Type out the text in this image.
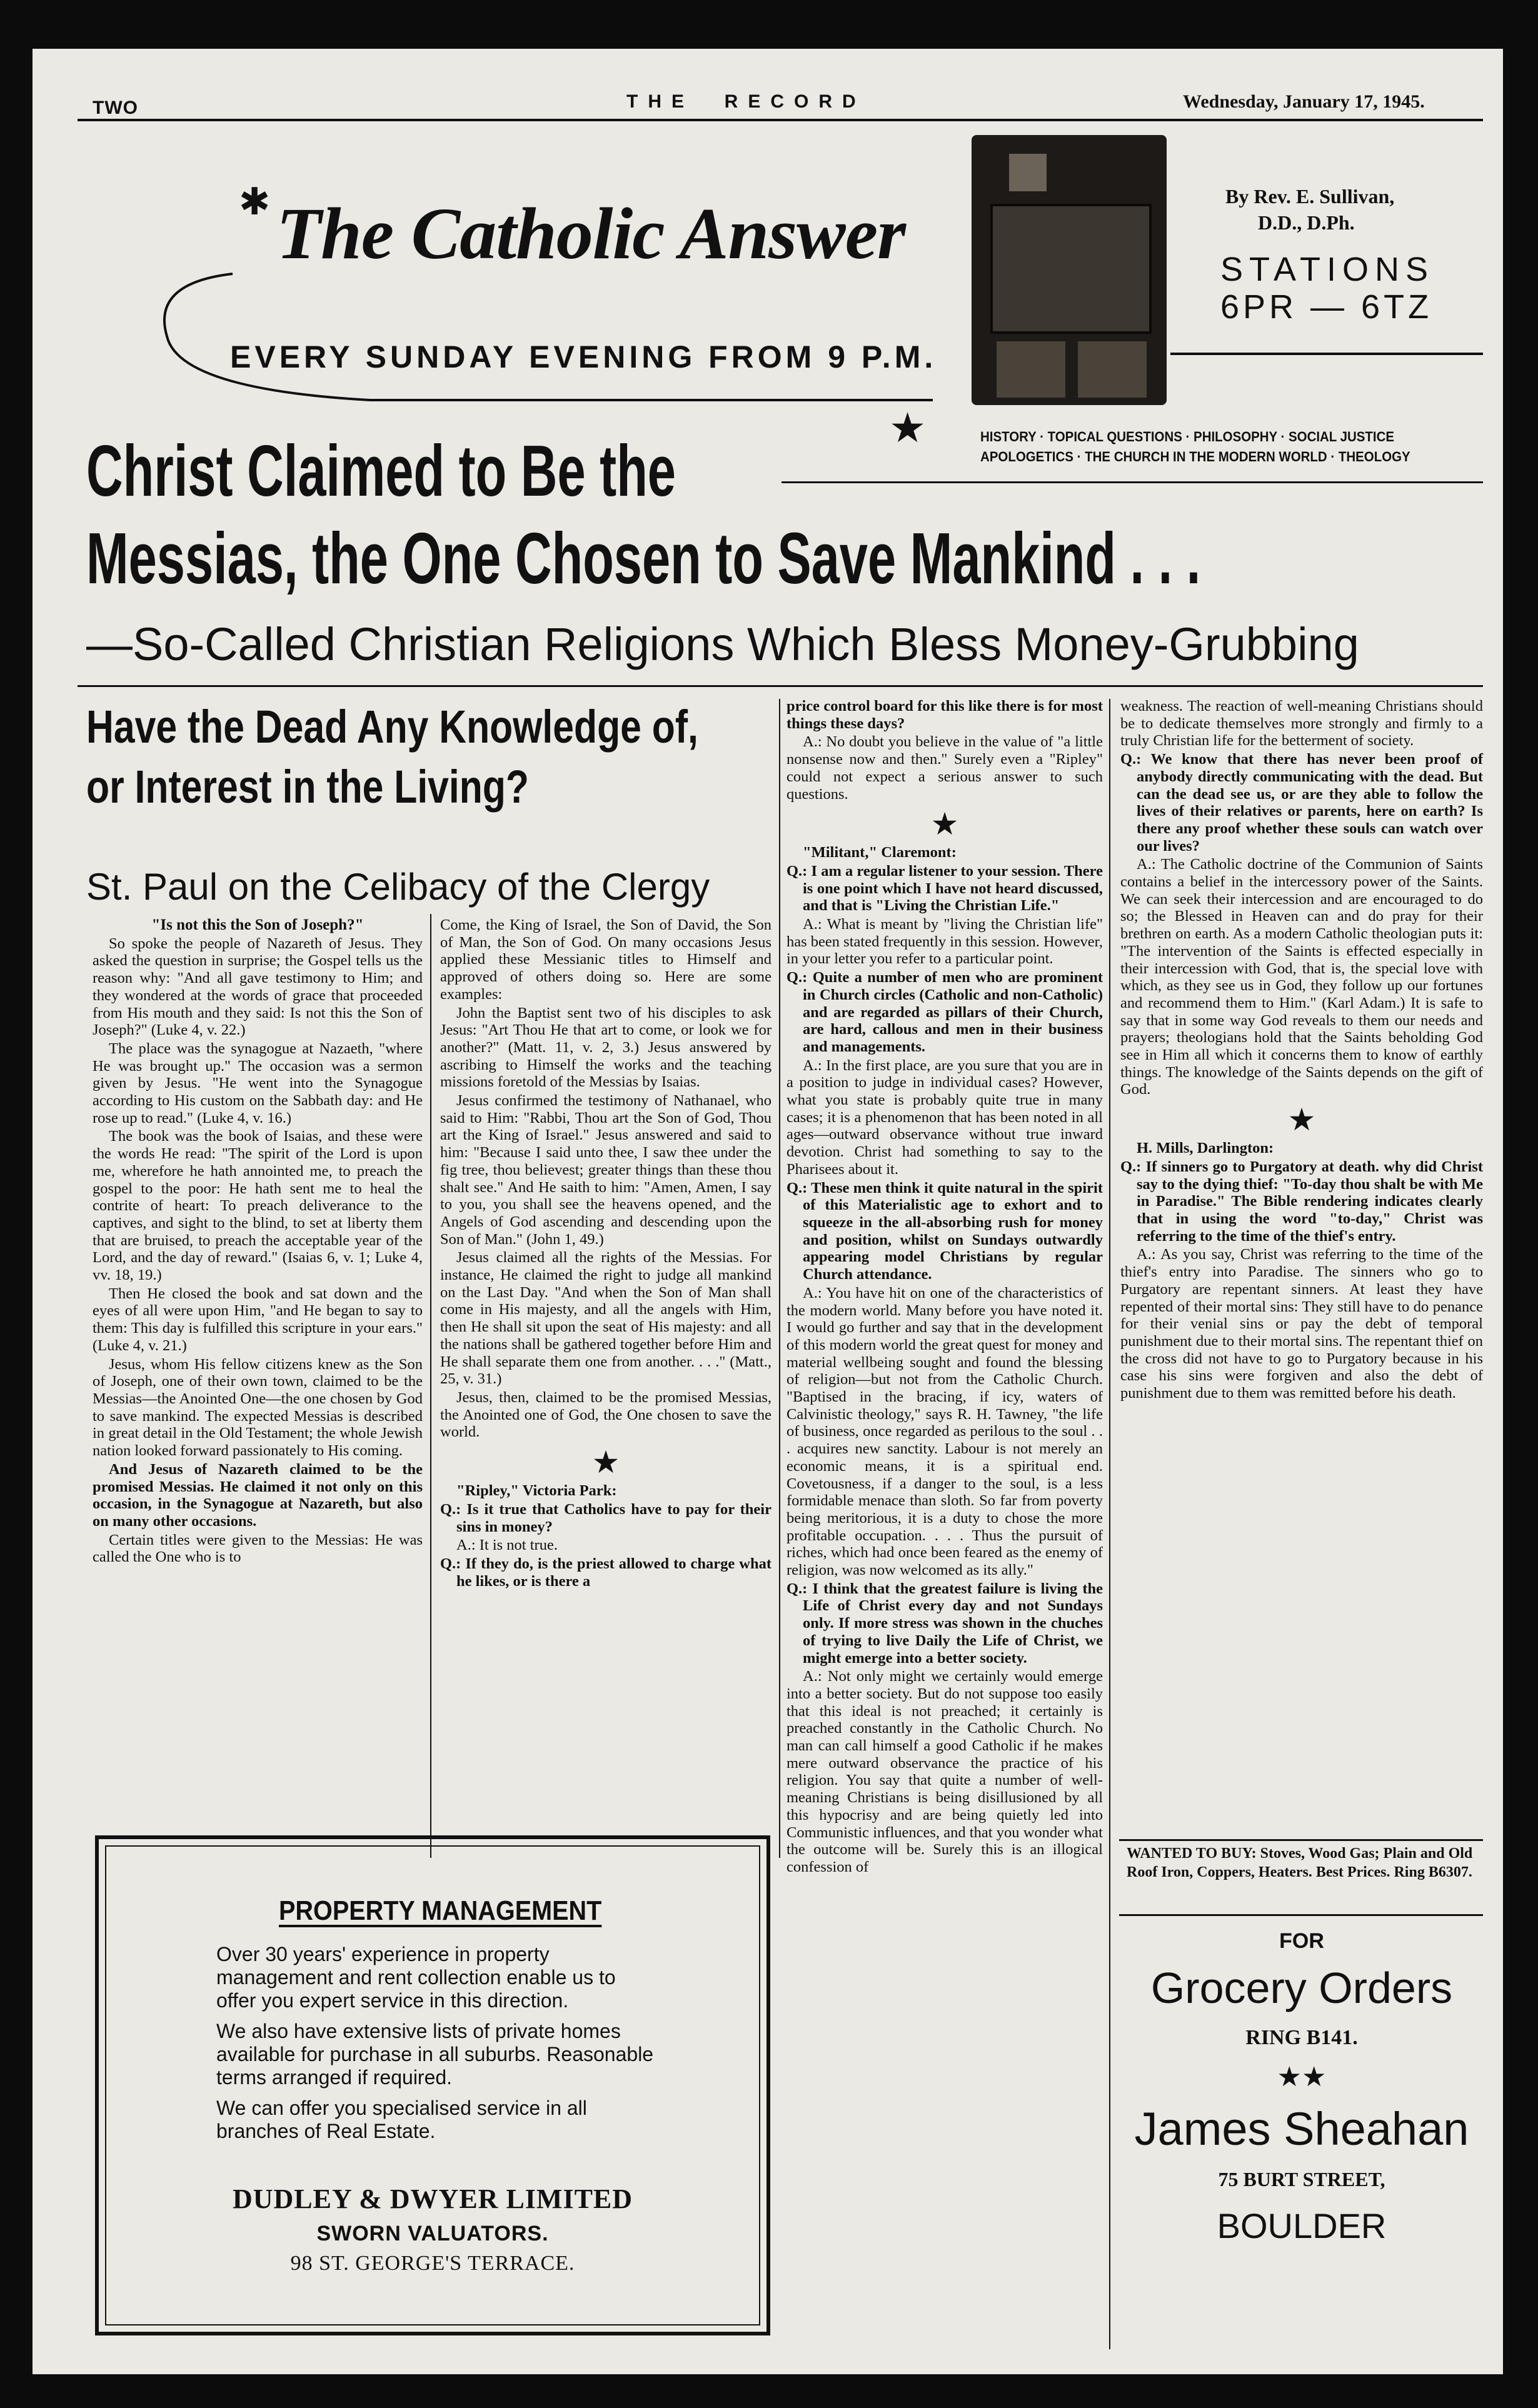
TWO	THE  RECORD	Wednesday, January 17, 1945.
✱ The Catholic Answer
EVERY SUNDAY EVENING FROM 9 P.M.
By Rev. E. Sullivan,
D.D., D.Ph.
STATIONS
6PR — 6TZ
★	HISTORY · TOPICAL QUESTIONS · PHILOSOPHY · SOCIAL JUSTICE
APOLOGETICS · THE CHURCH IN THE MODERN WORLD · THEOLOGY
Christ Claimed to Be the
Messias, the One Chosen to Save Mankind . . .
—So-Called Christian Religions Which Bless Money-Grubbing
Have the Dead Any Knowledge of,
or Interest in the Living?
St. Paul on the Celibacy of the Clergy

"Is not this the Son of Joseph?"

So spoke the people of Nazareth of Jesus. They asked the question in surprise; the Gospel tells us the reason why: "And all gave testimony to Him; and they wondered at the words of grace that proceeded from His mouth and they said: Is not this the Son of Joseph?" (Luke 4, v. 22.)

The place was the synagogue at Nazaeth, "where He was brought up." The occasion was a sermon given by Jesus. "He went into the Synagogue according to His custom on the Sabbath day: and He rose up to read." (Luke 4, v. 16.)

The book was the book of Isaias, and these were the words He read: "The spirit of the Lord is upon me, wherefore he hath annointed me, to preach the gospel to the poor: He hath sent me to heal the contrite of heart: To preach deliverance to the captives, and sight to the blind, to set at liberty them that are bruised, to preach the acceptable year of the Lord, and the day of reward." (Isaias 6, v. 1; Luke 4, vv. 18, 19.)

Then He closed the book and sat down and the eyes of all were upon Him, "and He began to say to them: This day is fulfilled this scripture in your ears." (Luke 4, v. 21.)

Jesus, whom His fellow citizens knew as the Son of Joseph, one of their own town, claimed to be the Messias—the Anointed One—the one chosen by God to save mankind. The expected Messias is described in great detail in the Old Testament; the whole Jewish nation looked forward passionately to His coming.

And Jesus of Nazareth claimed to be the promised Messias. He claimed it not only on this occasion, in the Synagogue at Nazareth, but also on many other occasions.

Certain titles were given to the Messias: He was called the One who is to

Come, the King of Israel, the Son of David, the Son of Man, the Son of God. On many occasions Jesus applied these Messianic titles to Himself and approved of others doing so. Here are some examples:

John the Baptist sent two of his disciples to ask Jesus: "Art Thou He that art to come, or look we for another?" (Matt. 11, v. 2, 3.) Jesus answered by ascribing to Himself the works and the teaching missions foretold of the Messias by Isaias.

Jesus confirmed the testimony of Nathanael, who said to Him: "Rabbi, Thou art the Son of God, Thou art the King of Israel." Jesus answered and said to him: "Because I said unto thee, I saw thee under the fig tree, thou believest; greater things than these thou shalt see." And He saith to him: "Amen, Amen, I say to you, you shall see the heavens opened, and the Angels of God ascending and descending upon the Son of Man." (John 1, 49.)

Jesus claimed all the rights of the Messias. For instance, He claimed the right to judge all mankind on the Last Day. "And when the Son of Man shall come in His majesty, and all the angels with Him, then He shall sit upon the seat of His majesty: and all the nations shall be gathered together before Him and He shall separate them one from another. . . ." (Matt., 25, v. 31.)

Jesus, then, claimed to be the promised Messias, the Anointed one of God, the One chosen to save the world.

★

"Ripley," Victoria Park:

Q.: Is it true that Catholics have to pay for their sins in money?

A.: It is not true.

Q.: If they do, is the priest allowed to charge what he likes, or is there a

price control board for this like there is for most things these days?

A.: No doubt you believe in the value of "a little nonsense now and then." Surely even a "Ripley" could not expect a serious answer to such questions.

★

"Militant," Claremont:

Q.: I am a regular listener to your session. There is one point which I have not heard discussed, and that is "Living the Christian Life."

A.: What is meant by "living the Christian life" has been stated frequently in this session. However, in your letter you refer to a particular point.

Q.: Quite a number of men who are prominent in Church circles (Catholic and non-Catholic) and are regarded as pillars of their Church, are hard, callous and men in their business and managements.

A.: In the first place, are you sure that you are in a position to judge in individual cases? However, what you state is probably quite true in many cases; it is a phenomenon that has been noted in all ages—outward observance without true inward devotion. Christ had something to say to the Pharisees about it.

Q.: These men think it quite natural in the spirit of this Materialistic age to exhort and to squeeze in the all-absorbing rush for money and position, whilst on Sundays outwardly appearing model Christians by regular Church attendance.

A.: You have hit on one of the characteristics of the modern world. Many before you have noted it. I would go further and say that in the development of this modern world the great quest for money and material wellbeing sought and found the blessing of religion—but not from the Catholic Church. "Baptised in the bracing, if icy, waters of Calvinistic theology," says R. H. Tawney, "the life of business, once regarded as perilous to the soul . . . acquires new sanctity. Labour is not merely an economic means, it is a spiritual end. Covetousness, if a danger to the soul, is a less formidable menace than sloth. So far from poverty being meritorious, it is a duty to chose the more profitable occupation. . . . Thus the pursuit of riches, which had once been feared as the enemy of religion, was now welcomed as its ally."

Q.: I think that the greatest failure is living the Life of Christ every day and not Sundays only. If more stress was shown in the chuches of trying to live Daily the Life of Christ, we might emerge into a better society.

A.: Not only might we certainly would emerge into a better society. But do not suppose too easily that this ideal is not preached; it certainly is preached constantly in the Catholic Church. No man can call himself a good Catholic if he makes mere outward observance the practice of his religion. You say that quite a number of well-meaning Christians is being disillusioned by all this hypocrisy and are being quietly led into Communistic influences, and that you wonder what the outcome will be. Surely this is an illogical confession of

weakness. The reaction of well-meaning Christians should be to dedicate themselves more strongly and firmly to a truly Christian life for the betterment of society.

Q.: We know that there has never been proof of anybody directly communicating with the dead. But can the dead see us, or are they able to follow the lives of their relatives or parents, here on earth? Is there any proof whether these souls can watch over our lives?

A.: The Catholic doctrine of the Communion of Saints contains a belief in the intercessory power of the Saints. We can seek their intercession and are encouraged to do so; the Blessed in Heaven can and do pray for their brethren on earth. As a modern Catholic theologian puts it: "The intervention of the Saints is effected especially in their intercession with God, that is, the special love with which, as they see us in God, they follow up our fortunes and recommend them to Him." (Karl Adam.) It is safe to say that in some way God reveals to them our needs and prayers; theologians hold that the Saints beholding God see in Him all which it concerns them to know of earthly things. The knowledge of the Saints depends on the gift of God.

★

H. Mills, Darlington:

Q.: If sinners go to Purgatory at death. why did Christ say to the dying thief: "To-day thou shalt be with Me in Paradise." The Bible rendering indicates clearly that in using the word "to-day," Christ was referring to the time of the thief's entry.

A.: As you say, Christ was referring to the time of the thief's entry into Paradise. The sinners who go to Purgatory are repentant sinners. At least they have repented of their mortal sins: They still have to do penance for their venial sins or pay the debt of temporal punishment due to their mortal sins. The repentant thief on the cross did not have to go to Purgatory because in his case his sins were forgiven and also the debt of punishment due to them was remitted before his death.

WANTED TO BUY: Stoves, Wood Gas; Plain and Old Roof Iron, Coppers, Heaters. Best Prices. Ring B6307.
FOR
Grocery Orders
RING B141.
★★
James Sheahan
75 BURT STREET,
BOULDER
PROPERTY MANAGEMENT
Over 30 years' experience in property management and rent collection enable us to offer you expert service in this direction.
We also have extensive lists of private homes available for purchase in all suburbs. Reasonable terms arranged if required.
We can offer you specialised service in all branches of Real Estate.
DUDLEY & DWYER LIMITED
SWORN VALUATORS.
98 ST. GEORGE'S TERRACE.
